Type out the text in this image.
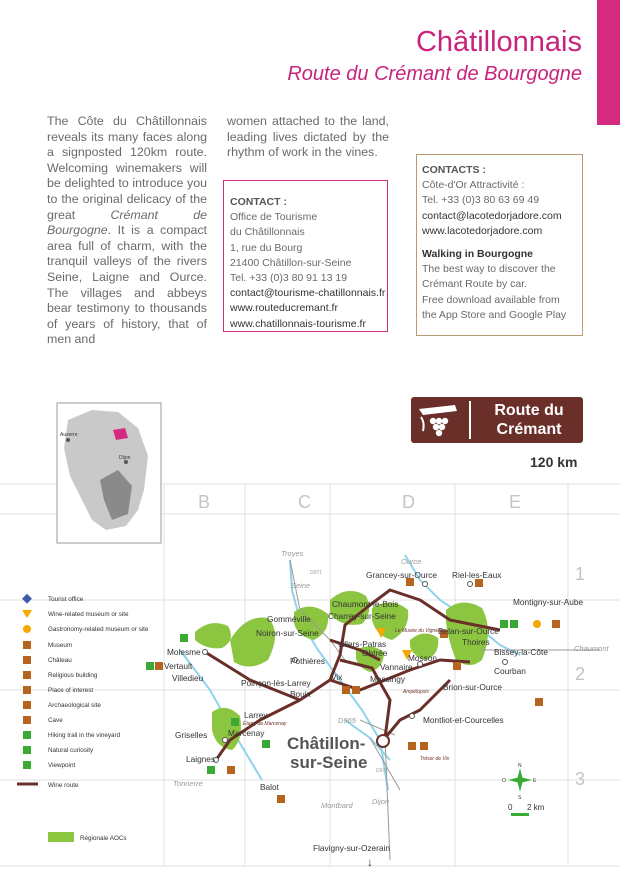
Châtillonnais
Route du Crémant de Bourgogne
The Côte du Châtillonnais reveals its many faces along a signposted 120km route. Welcoming winemakers will be delighted to introduce you to the original delicacy of the great Crémant de Bourgogne. It is a compact area full of charm, with the tranquil valleys of the rivers Seine, Laigne and Ource. The villages and abbeys bear testimony to thousands of years of history, that of men and
women attached to the land, leading lives dictated by the rhythm of work in the vines.
CONTACT :
Office de Tourisme
du Châtillonnais
1, rue du Bourg
21400 Châtillon-sur-Seine
Tel. +33 (0)3 80 91 13 19
contact@tourisme-chatillonnais.fr
www.routeducremant.fr
www.chatillonnais-tourisme.fr
CONTACTS :
Côte-d'Or Attractivité :
Tel. +33 (0)3 80 63 69 49
contact@lacotedorjadore.com
www.lacotedorjadore.com
Walking in Bourgogne
The best way to discover the
Crémant Route by car.
Free download available from
the App Store and Google Play
Route du
Crémant
120 km
B	C	D	E
1
2
3
Auxerre
Dijon
Grancey-sur-Ource Riel-les-Eaux
Montigny-sur-Aube
Chaumont-le-Bois
Gomméville Charrey-sur-Seine
Noiron-sur-Seine
Villers-Patras
Obtrée
Belan-sur-Ource
Thoires
Bissey-la-Côte
Molesme
Vertault
Villedieu
Pothières	Mosson
Vannaire	Courban
Poinçon-lès-Larrey
Vix	Massingy
Brion-sur-Ource
Bouix
Larrey
Marcenay
Montliot-et-Courcelles
Griselles
Laignes
Balot
Flavigny-sur-Ozerain
Châtillon-
sur-Seine
↓
Troyes
Seine
Ource
Chaumont
Tonnerre
Montbard	Dijon
D965
D971
D971
Le Musée du Vigneron
Ampélopsis
Étang de Marcenay
Trésor de Vix
N
S
E
O
0 2 km
Tourist office
Wine-related museum or site
Gastronomy-related museum or site
Museum
Château
Religious building
Place of interest
Archaeological site
Cave
Hiking trail in the vineyard
Natural curiosity
Viewpoint
Wine route
Régionale AOCs
